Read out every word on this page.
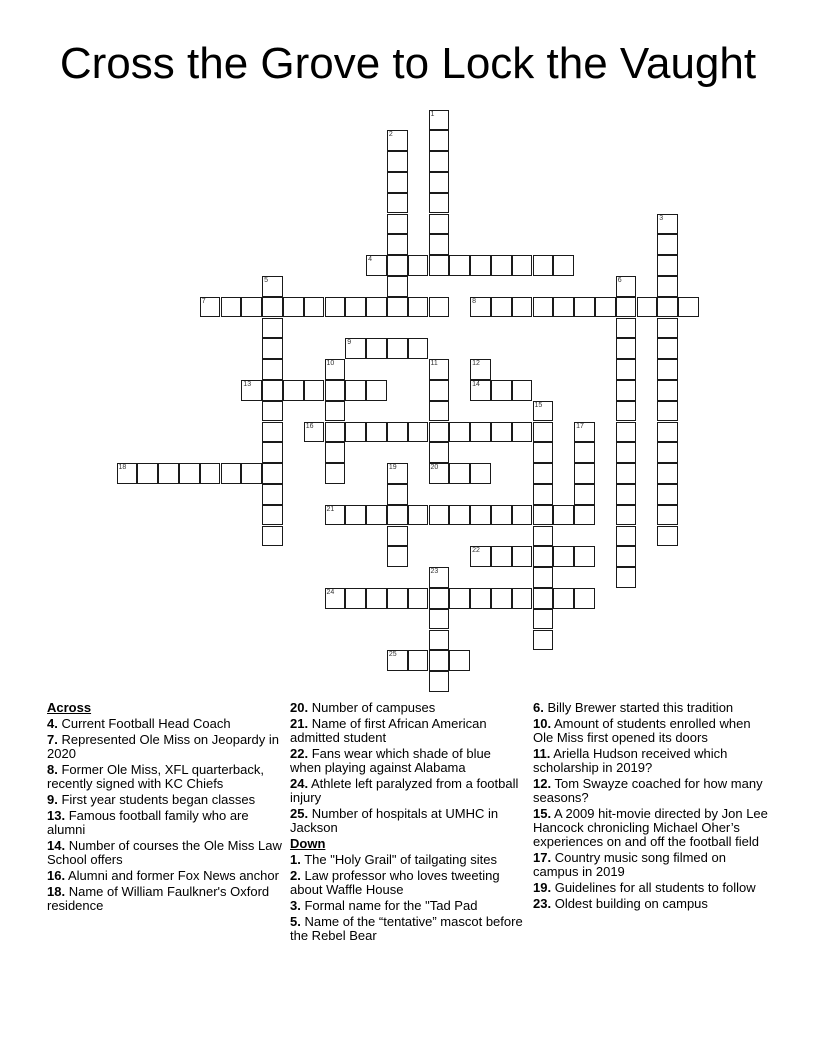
Cross the Grove to Lock the Vaught
1
2
3
4
5	6
7	8
9
10	11
20
12
14
13
15
16	17
18	19
21
22
23
24
25
Across
4. Current Football Head Coach
7. Represented Ole Miss on Jeopardy in 2020
8. Former Ole Miss, XFL quarterback, recently signed with KC Chiefs
9. First year students began classes
13. Famous football family who are alumni
14. Number of courses the Ole Miss Law School offers
16. Alumni and former Fox News anchor
18. Name of William Faulkner's Oxford residence
20. Number of campuses
21. Name of first African American admitted student
22. Fans wear which shade of blue when playing against Alabama
24. Athlete left paralyzed from a football injury
25. Number of hospitals at UMHC in Jackson
Down
1. The "Holy Grail" of tailgating sites
2. Law professor who loves tweeting about Waffle House
3. Formal name for the "Tad Pad
5. Name of the “tentative” mascot before the Rebel Bear
6. Billy Brewer started this tradition
10. Amount of students enrolled when Ole Miss first opened its doors
11. Ariella Hudson received which scholarship in 2019?
12. Tom Swayze coached for how many seasons?
15. A 2009 hit-movie directed by Jon Lee Hancock chronicling Michael Oher’s experiences on and off the football field
17. Country music song filmed on campus in 2019
19. Guidelines for all students to follow
23. Oldest building on campus
